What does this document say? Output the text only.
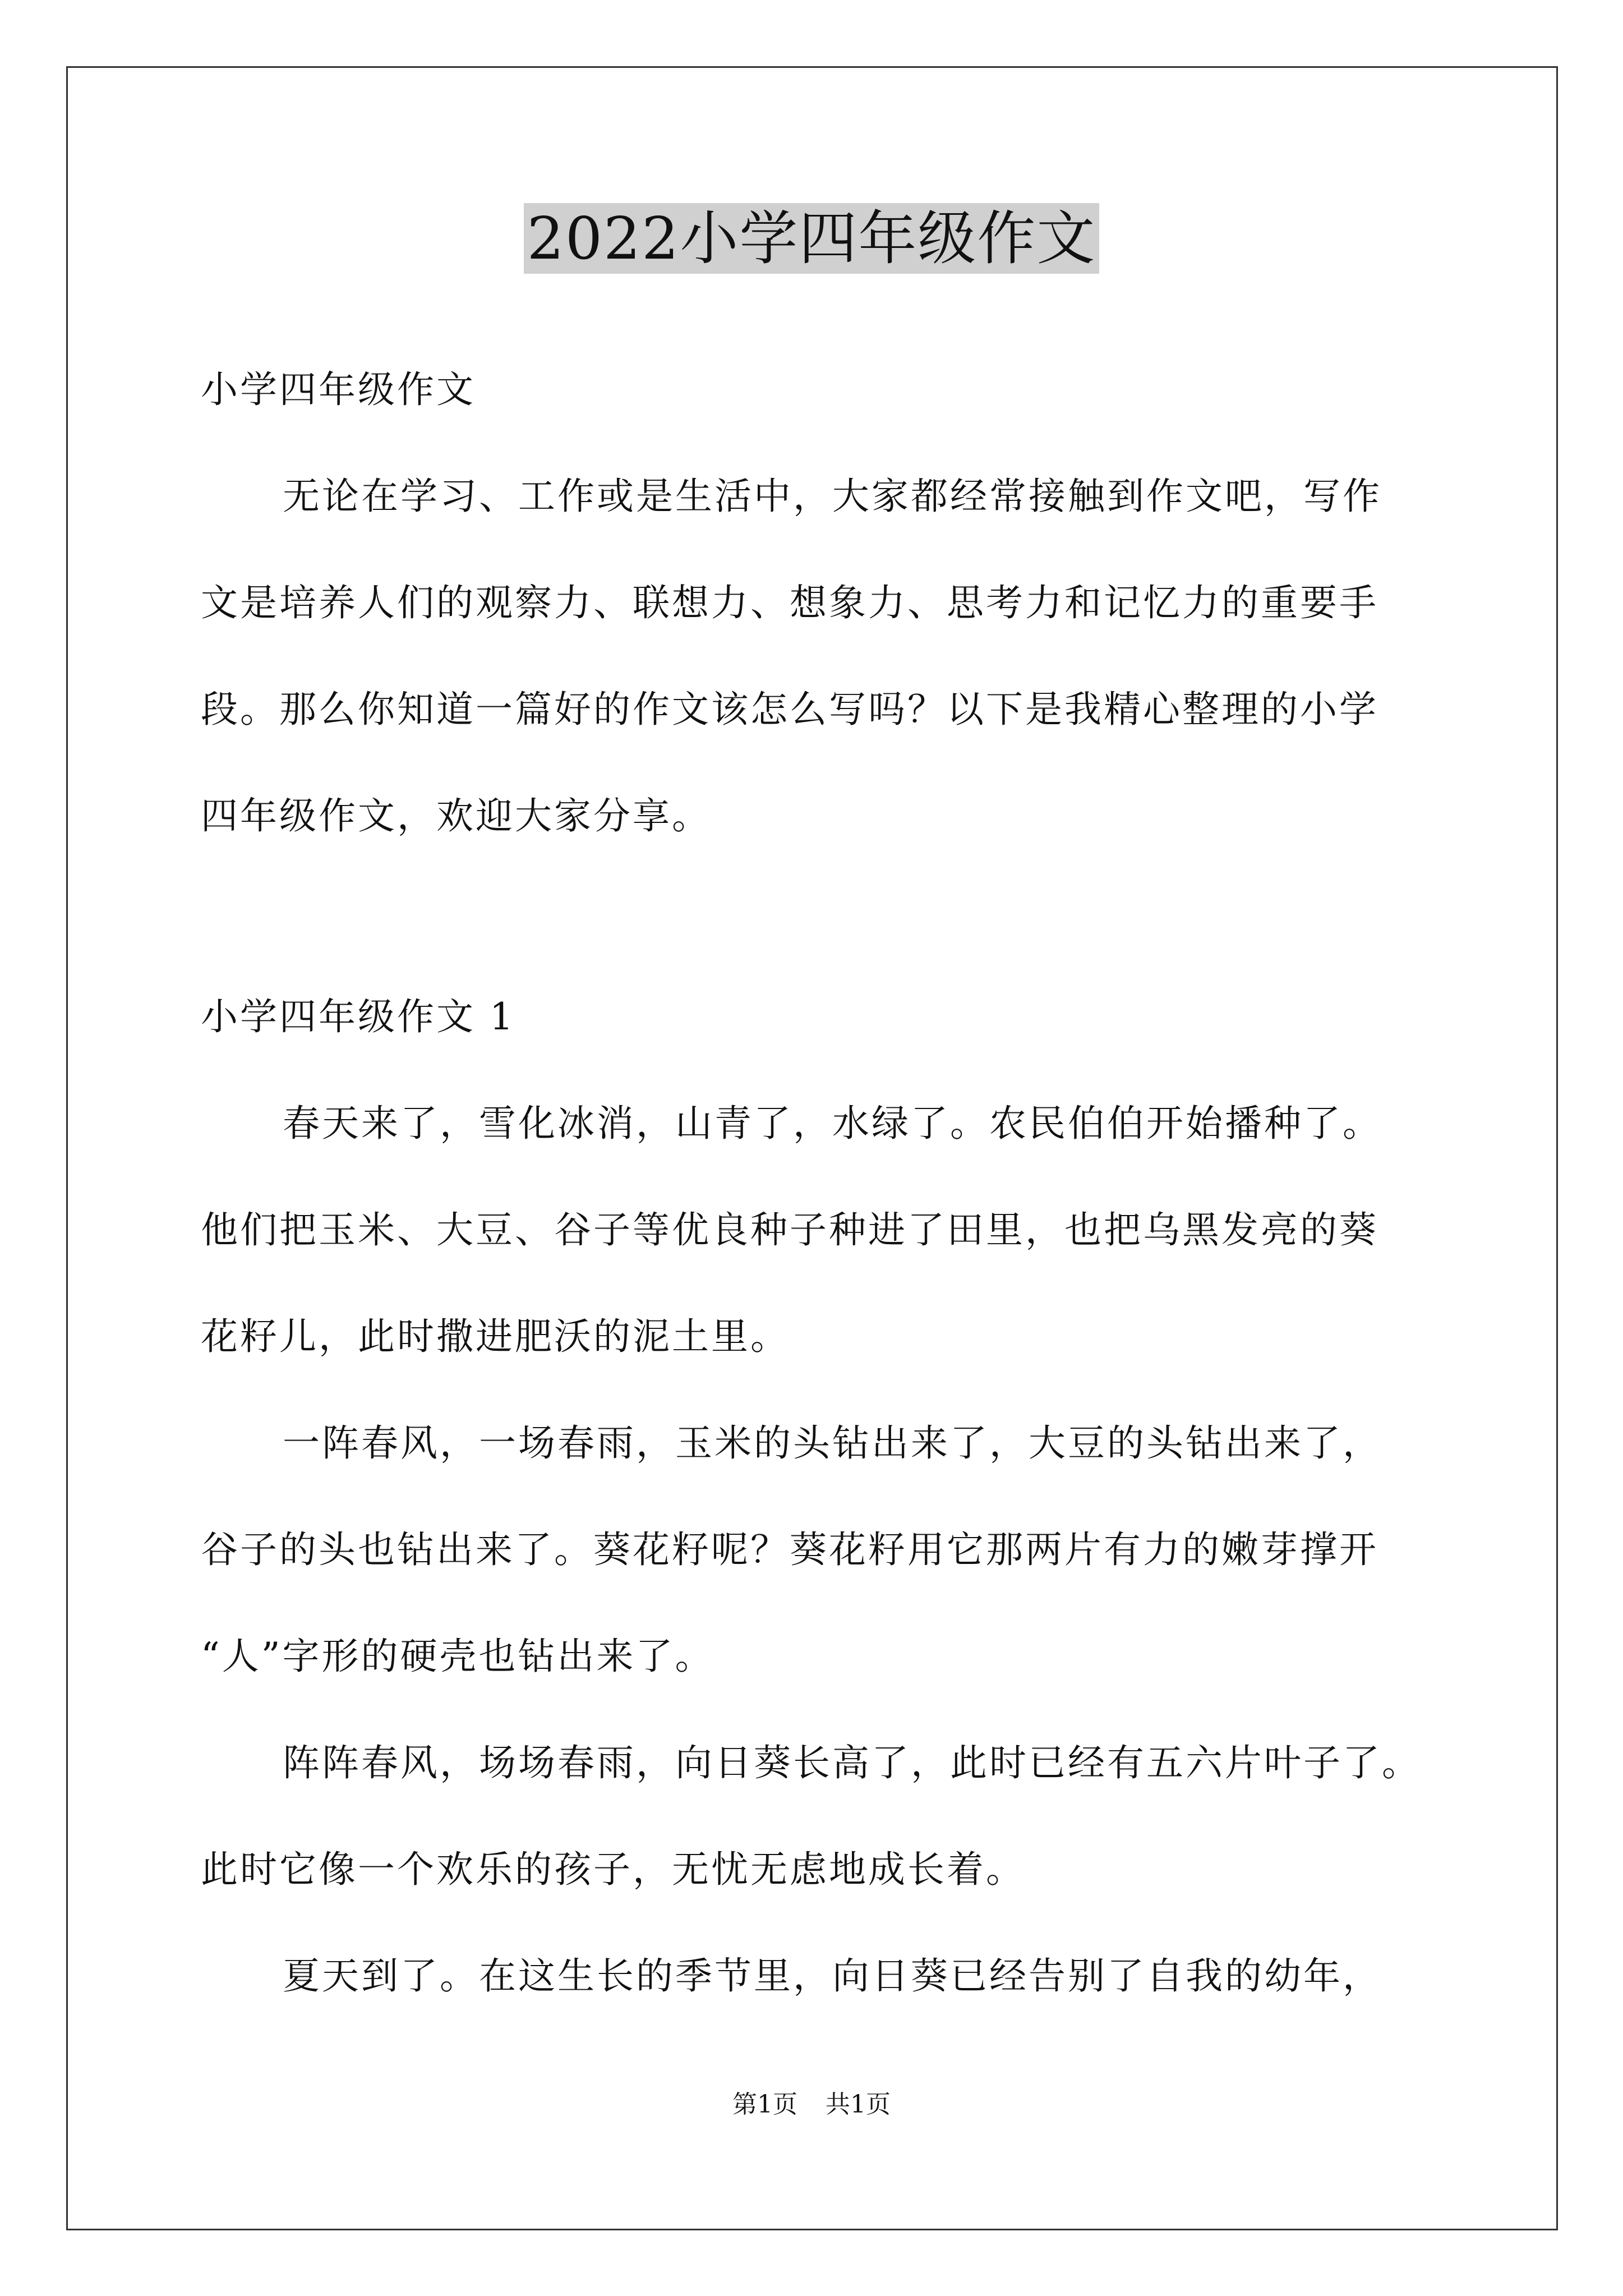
2022小学四年级作文
小学四年级作文
无论在学习、工作或是生活中，大家都经常接触到作文吧，写作
文是培养人们的观察力、联想力、想象力、思考力和记忆力的重要手
段。那么你知道一篇好的作文该怎么写吗？以下是我精心整理的小学
四年级作文，欢迎大家分享。
小学四年级作文 1
春天来了，雪化冰消，山青了，水绿了。农民伯伯开始播种了。
他们把玉米、大豆、谷子等优良种子种进了田里，也把乌黑发亮的葵
花籽儿，此时撒进肥沃的泥土里。
一阵春风，一场春雨，玉米的头钻出来了，大豆的头钻出来了，
谷子的头也钻出来了。葵花籽呢？葵花籽用它那两片有力的嫩芽撑开
“人”字形的硬壳也钻出来了。
阵阵春风，场场春雨，向日葵长高了，此时已经有五六片叶子了。
此时它像一个欢乐的孩子，无忧无虑地成长着。
夏天到了。在这生长的季节里，向日葵已经告别了自我的幼年，
第1页 共1页
